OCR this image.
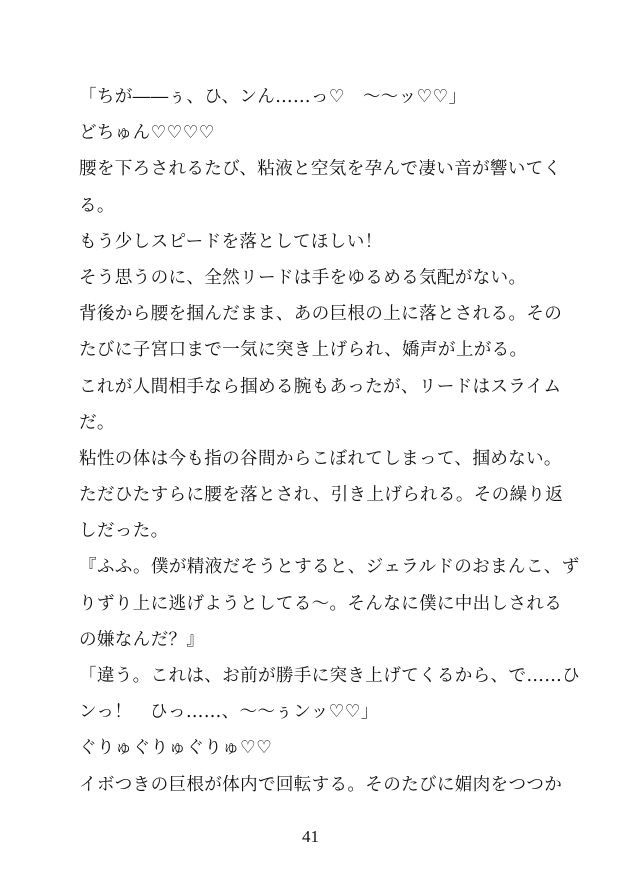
「ちが――ぅ、ひ、ンん……っ♡　～～ッ♡♡」
どちゅん♡♡♡♡
腰を下ろされるたび、粘液と空気を孕んで凄い音が響いてく
る。
もう少しスピードを落としてほしい！
そう思うのに、全然リードは手をゆるめる気配がない。
背後から腰を掴んだまま、あの巨根の上に落とされる。その
たびに子宮口まで一気に突き上げられ、嬌声が上がる。
これが人間相手なら掴める腕もあったが、リードはスライム
だ。
粘性の体は今も指の谷間からこぼれてしまって、掴めない。
ただひたすらに腰を落とされ、引き上げられる。その繰り返
しだった。
『ふふ。僕が精液だそうとすると、ジェラルドのおまんこ、ず
りずり上に逃げようとしてる～。そんなに僕に中出しされる
の嫌なんだ？』
「違う。これは、お前が勝手に突き上げてくるから、で……ひ
ンっ！　ひっ……、～～ぅンッ♡♡」
ぐりゅぐりゅぐりゅ♡♡
イボつきの巨根が体内で回転する。そのたびに媚肉をつつか
41
